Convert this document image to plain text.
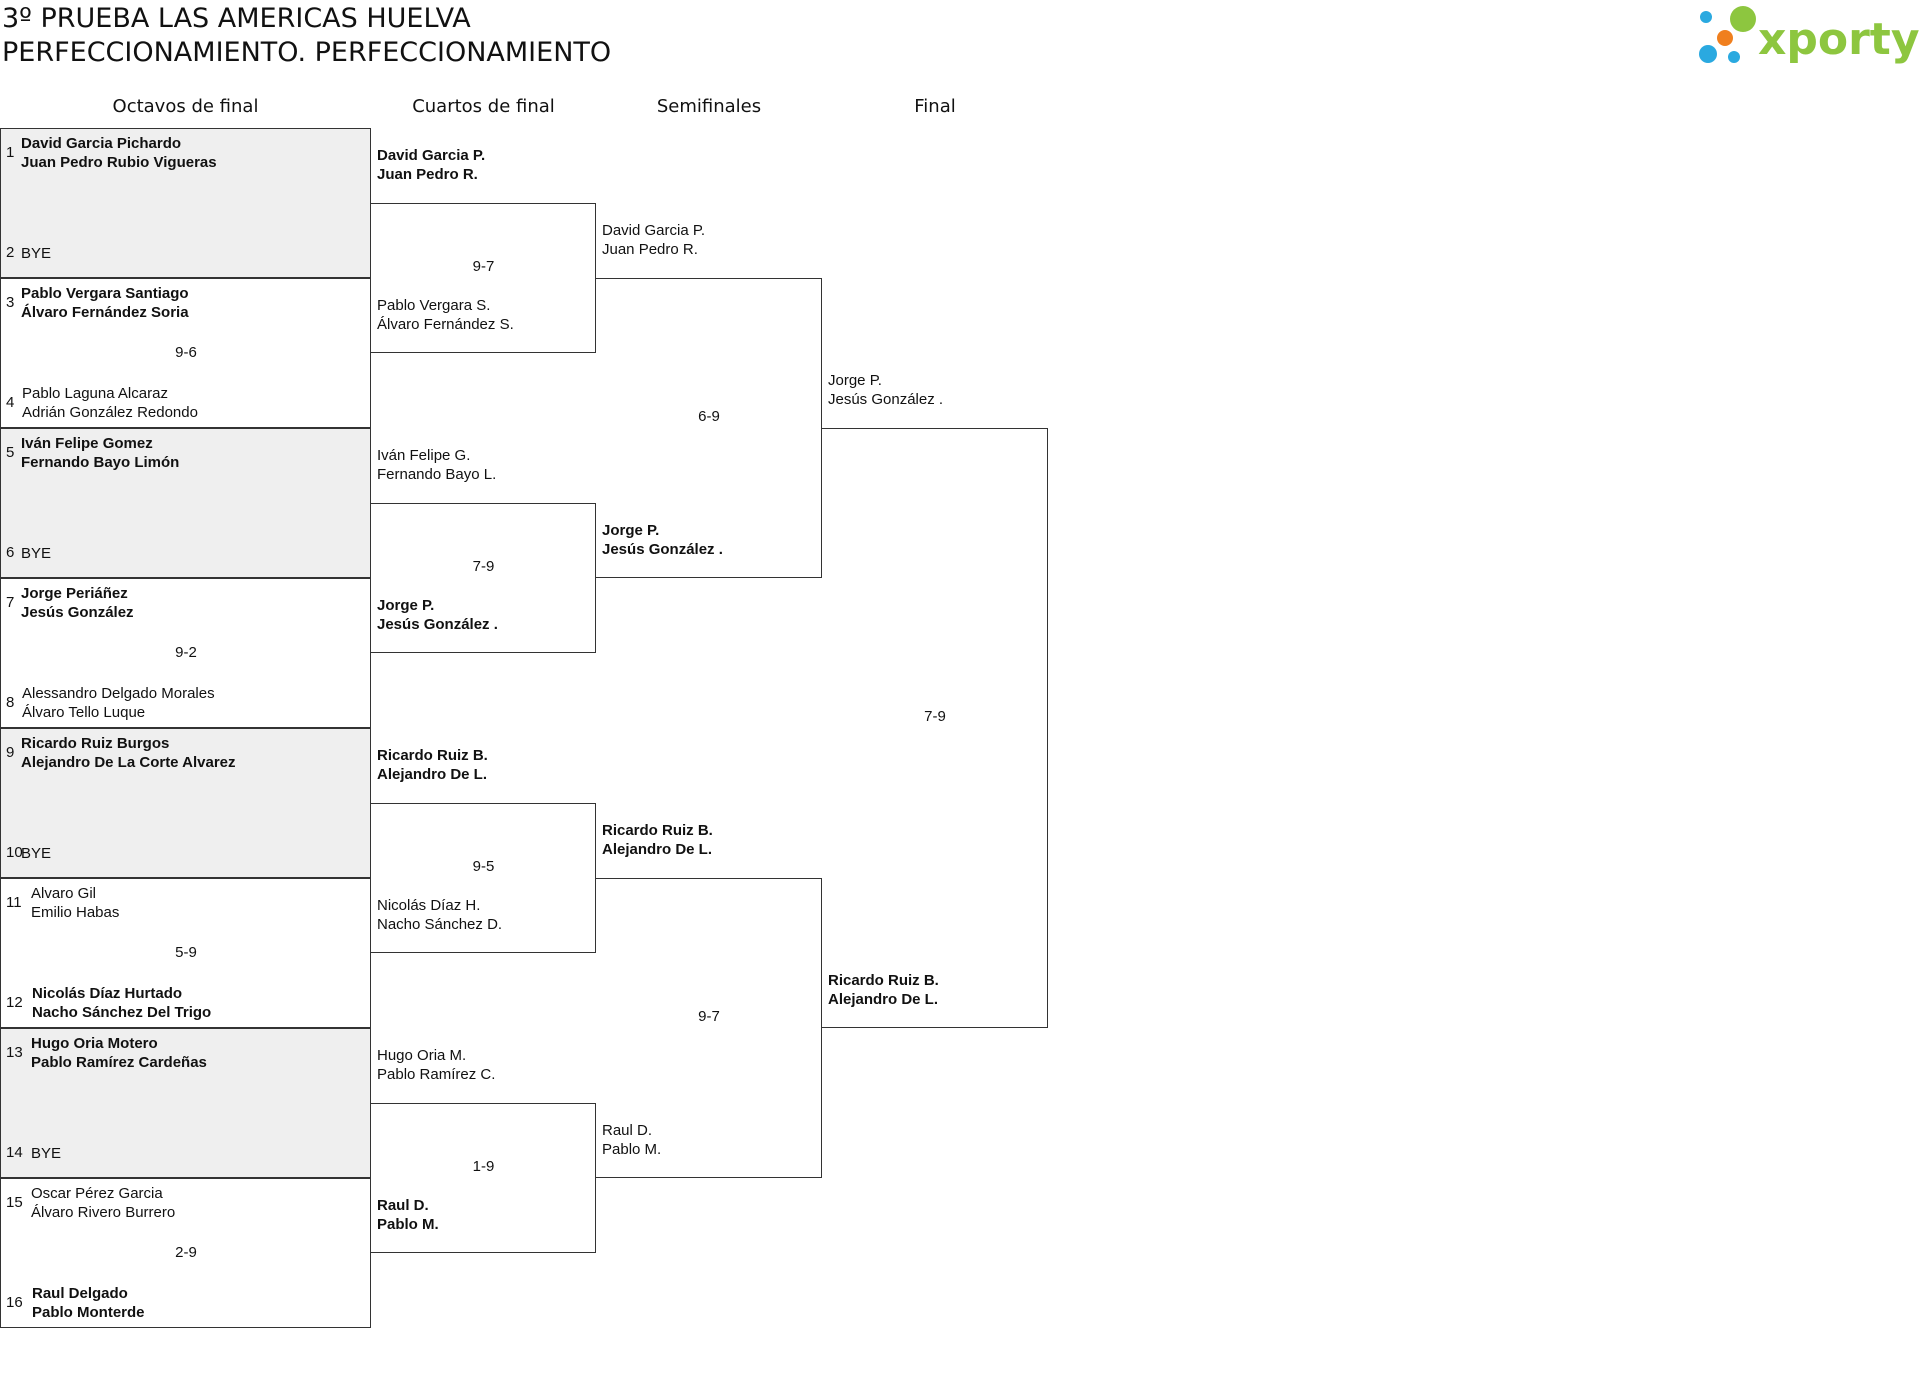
3º PRUEBA LAS AMERICAS HUELVA
PERFECCIONAMIENTO. PERFECCIONAMIENTO	xporty
Octavos de final	Cuartos de final	Semifinales	Final
1
David Garcia Pichardo
Juan Pedro Rubio Vigueras
2 BYE
3
Pablo Vergara Santiago
Álvaro Fernández Soria
4
Pablo Laguna Alcaraz
Adrián González Redondo
9-6
5
Iván Felipe Gomez
Fernando Bayo Limón
6 BYE
7
Jorge Periáñez
Jesús González
8
Alessandro Delgado Morales
Álvaro Tello Luque
9-2
9
Ricardo Ruiz Burgos
Alejandro De La Corte Alvarez
10
BYE
11
Alvaro Gil
Emilio Habas
12
Nicolás Díaz Hurtado
Nacho Sánchez Del Trigo
5-9
13
Hugo Oria Motero
Pablo Ramírez Cardeñas
14 BYE
15
Oscar Pérez Garcia
Álvaro Rivero Burrero
16
Raul Delgado
Pablo Monterde
2-9
David Garcia P.
Juan Pedro R.
Pablo Vergara S.
Álvaro Fernández S.
9-7
Iván Felipe G.
Fernando Bayo L.
Jorge P.
Jesús González .
7-9
Ricardo Ruiz B.
Alejandro De L.
Nicolás Díaz H.
Nacho Sánchez D.
9-5
Hugo Oria M.
Pablo Ramírez C.
Raul D.
Pablo M.
1-9
David Garcia P.
Juan Pedro R.
Jorge P.
Jesús González .
6-9
Ricardo Ruiz B.
Alejandro De L.
Raul D.
Pablo M.
9-7
Jorge P.
Jesús González .
Ricardo Ruiz B.
Alejandro De L.
7-9
